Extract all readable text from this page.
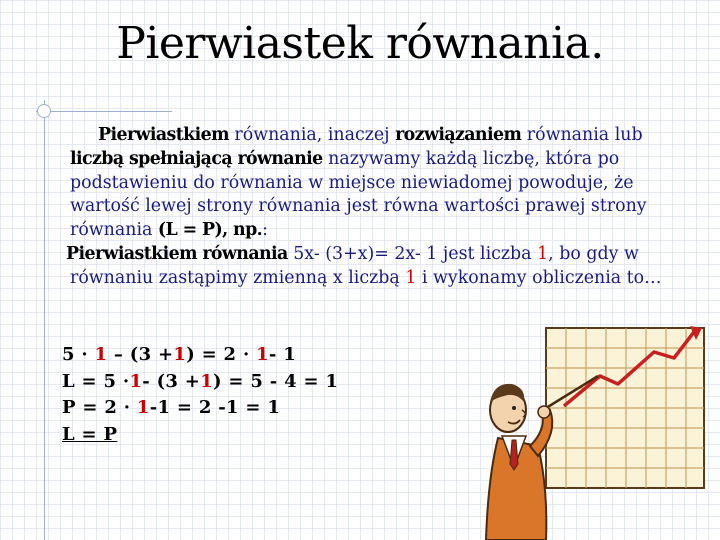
Pierwiastek równania.

Pierwiastkiem równania, inaczej rozwiązaniem równania lub liczbą spełniającą równanie nazywamy każdą liczbę, która po podstawieniu do równania w miejsce niewiadomej powoduje, że wartość lewej strony równania jest równa wartości prawej strony równania (L = P), np.:

Pierwiastkiem równania 5x- (3+x)= 2x- 1 jest liczba 1, bo gdy w równaniu zastąpimy zmienną x liczbą 1 i wykonamy obliczenia to…

5 · 1 – (3 +1) = 2 · 1- 1
L = 5 ·1- (3 +1) = 5 - 4 = 1
P = 2 · 1-1 = 2 -1 = 1
L = P
